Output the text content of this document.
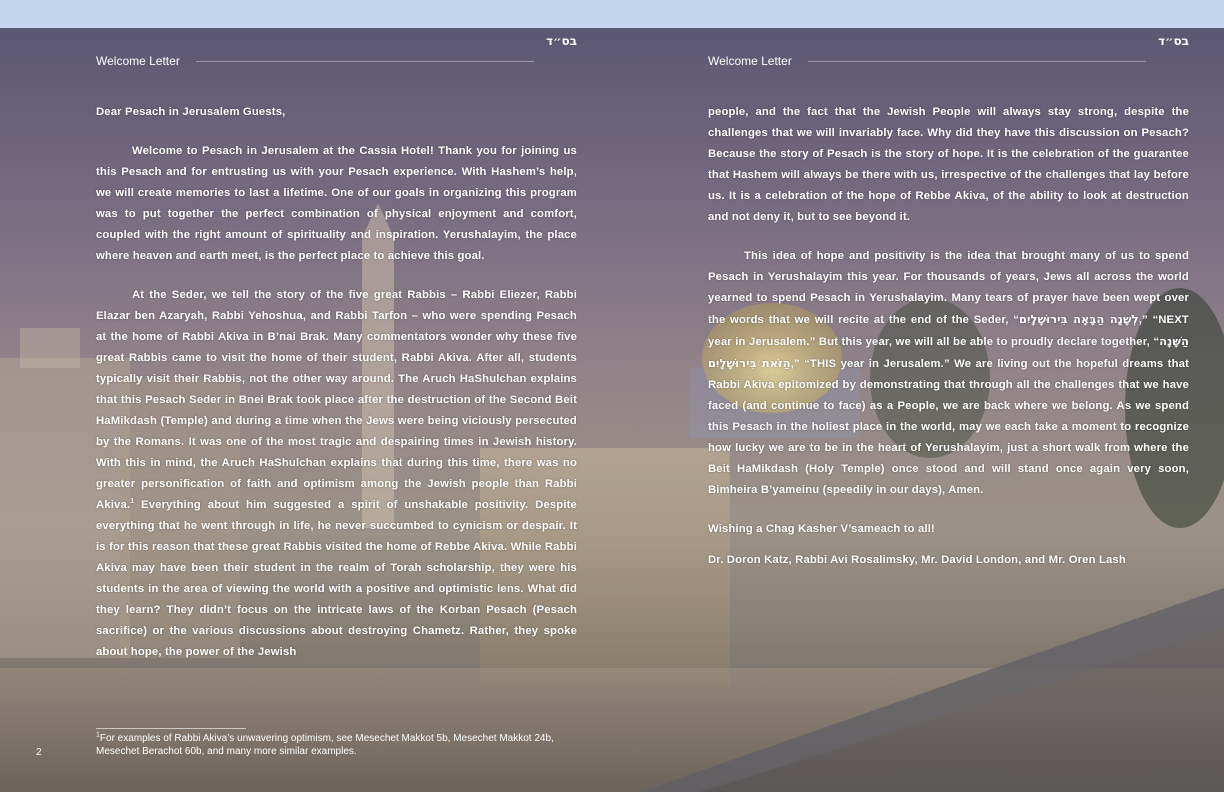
בס״ד
Welcome Letter

Dear Pesach in Jerusalem Guests,

Welcome to Pesach in Jerusalem at the Cassia Hotel! Thank you for joining us this Pesach and for entrusting us with your Pesach experience. With Hashem’s help, we will create memories to last a lifetime. One of our goals in organizing this program was to put together the perfect combination of physical enjoyment and comfort, coupled with the right amount of spirituality and inspiration. Yerushalayim, the place where heaven and earth meet, is the perfect place to achieve this goal.

At the Seder, we tell the story of the five great Rabbis – Rabbi Eliezer, Rabbi Elazar ben Azaryah, Rabbi Yehoshua, and Rabbi Tarfon – who were spending Pesach at the home of Rabbi Akiva in B’nai Brak. Many commentators wonder why these five great Rabbis came to visit the home of their student, Rabbi Akiva. After all, students typically visit their Rabbis, not the other way around. The Aruch HaShulchan explains that this Pesach Seder in Bnei Brak took place after the destruction of the Second Beit HaMikdash (Temple) and during a time when the Jews were being viciously persecuted by the Romans. It was one of the most tragic and despairing times in Jewish history. With this in mind, the Aruch HaShulchan explains that during this time, there was no greater personification of faith and optimism among the Jewish people than Rabbi Akiva.$^1$ Everything about him suggested a spirit of unshakable positivity. Despite everything that he went through in life, he never succumbed to cynicism or despair. It is for this reason that these great Rabbis visited the home of Rebbe Akiva. While Rabbi Akiva may have been their student in the realm of Torah scholarship, they were his students in the area of viewing the world with a positive and optimistic lens. What did they learn? They didn’t focus on the intricate laws of the Korban Pesach (Pesach sacrifice) or the various discussions about destroying Chametz. Rather, they spoke about hope, the power of the Jewish

$^1$For examples of Rabbi Akiva’s unwavering optimism, see Mesechet Makkot 5b, Mesechet Makkot 24b, Mesechet Berachot 60b, and many more similar examples.
2
בס״ד
Welcome Letter

people, and the fact that the Jewish People will always stay strong, despite the challenges that we will invariably face. Why did they have this discussion on Pesach? Because the story of Pesach is the story of hope. It is the celebration of the guarantee that Hashem will always be there with us, irrespective of the challenges that lay before us. It is a celebration of the hope of Rebbe Akiva, of the ability to look at destruction and not deny it, but to see beyond it.

This idea of hope and positivity is the idea that brought many of us to spend Pesach in Yerushalayim this year. For thousands of years, Jews all across the world yearned to spend Pesach in Yerushalayim. Many tears of prayer have been wept over the words that we will recite at the end of the Seder, “לְשָׁנָה הַבָּאָה בִּירוּשָׁלָיִם,” “NEXT year in Jerusalem.” But this year, we will all be able to proudly declare together, “הַשָּׁנָה הַזֹּאת בִּירוּשָׁלָיִם,” “THIS year in Jerusalem.” We are living out the hopeful dreams that Rabbi Akiva epitomized by demonstrating that through all the challenges that we have faced (and continue to face) as a People, we are back where we belong. As we spend this Pesach in the holiest place in the world, may we each take a moment to recognize how lucky we are to be in the heart of Yerushalayim, just a short walk from where the Beit HaMikdash (Holy Temple) once stood and will stand once again very soon, Bimheira B’yameinu (speedily in our days), Amen.

Wishing a Chag Kasher V’sameach to all!

Dr. Doron Katz, Rabbi Avi Rosalimsky, Mr. David London, and Mr. Oren Lash
